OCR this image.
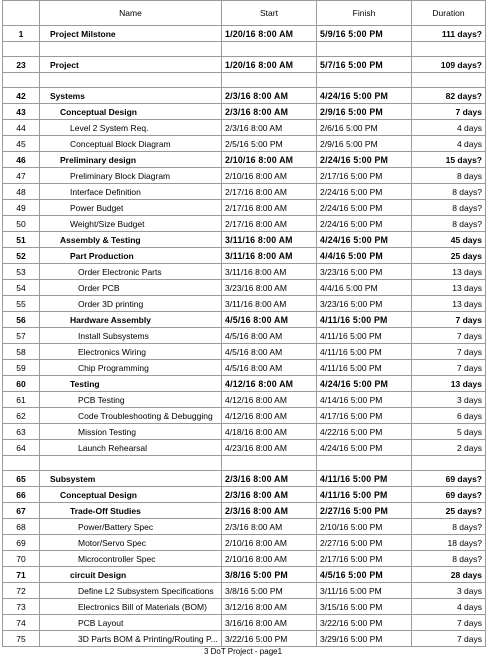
	Name	Start	Finish	Duration
1	Project Milstone	1/20/16 8:00 AM	5/9/16 5:00 PM	111 days?

23	Project	1/20/16 8:00 AM	5/7/16 5:00 PM	109 days?

42	Systems	2/3/16 8:00 AM	4/24/16 5:00 PM	82 days?
43	Conceptual Design	2/3/16 8:00 AM	2/9/16 5:00 PM	7 days
44	Level 2 System Req.	2/3/16 8:00 AM	2/6/16 5:00 PM	4 days
45	Conceptual Block Diagram	2/5/16 5:00 PM	2/9/16 5:00 PM	4 days
46	Preliminary design	2/10/16 8:00 AM	2/24/16 5:00 PM	15 days?
47	Preliminary Block Diagram	2/10/16 8:00 AM	2/17/16 5:00 PM	8 days
48	Interface Definition	2/17/16 8:00 AM	2/24/16 5:00 PM	8 days?
49	Power Budget	2/17/16 8:00 AM	2/24/16 5:00 PM	8 days?
50	Weight/Size Budget	2/17/16 8:00 AM	2/24/16 5:00 PM	8 days?
51	Assembly & Testing	3/11/16 8:00 AM	4/24/16 5:00 PM	45 days
52	Part Production	3/11/16 8:00 AM	4/4/16 5:00 PM	25 days
53	Order Electronic Parts	3/11/16 8:00 AM	3/23/16 5:00 PM	13 days
54	Order PCB	3/23/16 8:00 AM	4/4/16 5:00 PM	13 days
55	Order 3D printing	3/11/16 8:00 AM	3/23/16 5:00 PM	13 days
56	Hardware Assembly	4/5/16 8:00 AM	4/11/16 5:00 PM	7 days
57	Install Subsystems	4/5/16 8:00 AM	4/11/16 5:00 PM	7 days
58	Electronics Wiring	4/5/16 8:00 AM	4/11/16 5:00 PM	7 days
59	Chip Programming	4/5/16 8:00 AM	4/11/16 5:00 PM	7 days
60	Testing	4/12/16 8:00 AM	4/24/16 5:00 PM	13 days
61	PCB Testing	4/12/16 8:00 AM	4/14/16 5:00 PM	3 days
62	Code Troubleshooting & Debugging	4/12/16 8:00 AM	4/17/16 5:00 PM	6 days
63	Mission Testing	4/18/16 8:00 AM	4/22/16 5:00 PM	5 days
64	Launch Rehearsal	4/23/16 8:00 AM	4/24/16 5:00 PM	2 days

65	Subsystem	2/3/16 8:00 AM	4/11/16 5:00 PM	69 days?
66	Conceptual Design	2/3/16 8:00 AM	4/11/16 5:00 PM	69 days?
67	Trade-Off Studies	2/3/16 8:00 AM	2/27/16 5:00 PM	25 days?
68	Power/Battery Spec	2/3/16 8:00 AM	2/10/16 5:00 PM	8 days?
69	Motor/Servo Spec	2/10/16 8:00 AM	2/27/16 5:00 PM	18 days?
70	Microcontroller Spec	2/10/16 8:00 AM	2/17/16 5:00 PM	8 days?
71	circuit Design	3/8/16 5:00 PM	4/5/16 5:00 PM	28 days
72	Define L2 Subsystem Specifications	3/8/16 5:00 PM	3/11/16 5:00 PM	3 days
73	Electronics Bill of Materials (BOM)	3/12/16 8:00 AM	3/15/16 5:00 PM	4 days
74	PCB Layout	3/16/16 8:00 AM	3/22/16 5:00 PM	7 days
75	3D Parts BOM & Printing/Routing P...	3/22/16 5:00 PM	3/29/16 5:00 PM	7 days
3 DoT Project - page1
